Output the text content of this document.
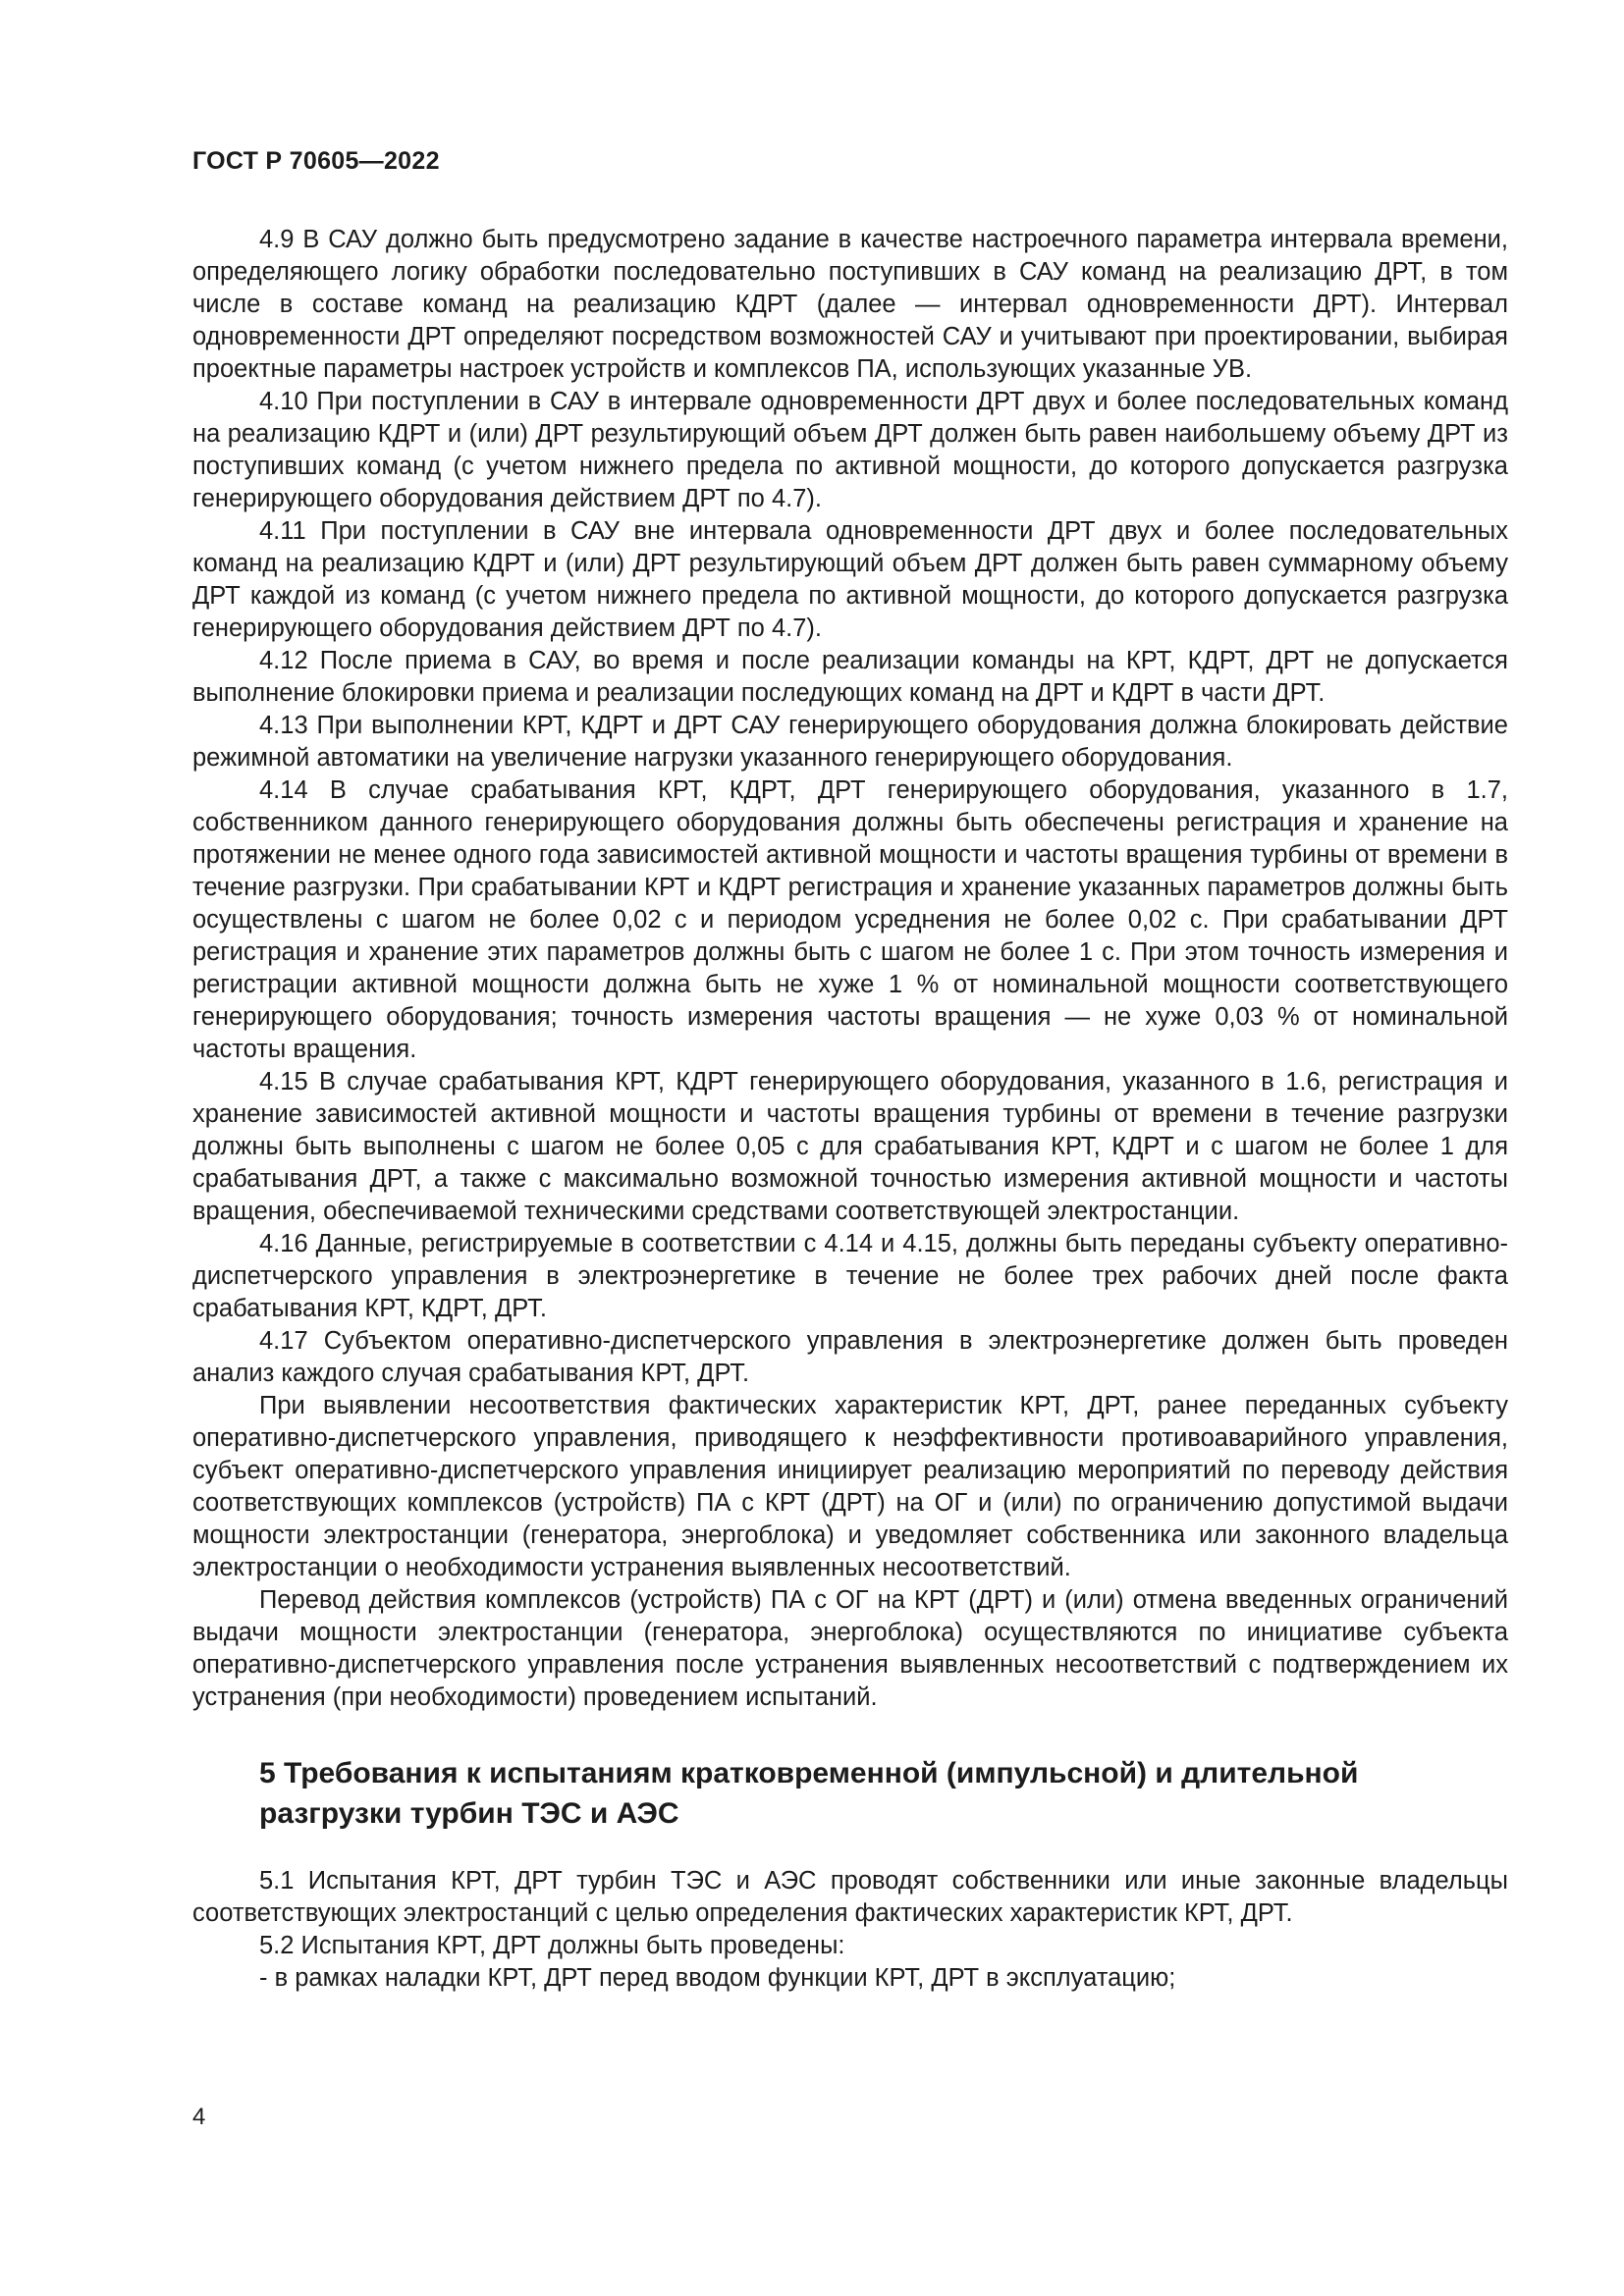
ГОСТ Р 70605—2022

4.9 В САУ должно быть предусмотрено задание в качестве настроечного параметра интервала времени, определяющего логику обработки последовательно поступивших в САУ команд на реализацию ДРТ, в том числе в составе команд на реализацию КДРТ (далее — интервал одновременности ДРТ). Интервал одновременности ДРТ определяют посредством возможностей САУ и учитывают при проектировании, выбирая проектные параметры настроек устройств и комплексов ПА, использующих указанные УВ.

4.10 При поступлении в САУ в интервале одновременности ДРТ двух и более последовательных команд на реализацию КДРТ и (или) ДРТ результирующий объем ДРТ должен быть равен наибольшему объему ДРТ из поступивших команд (с учетом нижнего предела по активной мощности, до которого допускается разгрузка генерирующего оборудования действием ДРТ по 4.7).

4.11 При поступлении в САУ вне интервала одновременности ДРТ двух и более последовательных команд на реализацию КДРТ и (или) ДРТ результирующий объем ДРТ должен быть равен суммарному объему ДРТ каждой из команд (с учетом нижнего предела по активной мощности, до которого допускается разгрузка генерирующего оборудования действием ДРТ по 4.7).

4.12 После приема в САУ, во время и после реализации команды на КРТ, КДРТ, ДРТ не допускается выполнение блокировки приема и реализации последующих команд на ДРТ и КДРТ в части ДРТ.

4.13 При выполнении КРТ, КДРТ и ДРТ САУ генерирующего оборудования должна блокировать действие режимной автоматики на увеличение нагрузки указанного генерирующего оборудования.

4.14 В случае срабатывания КРТ, КДРТ, ДРТ генерирующего оборудования, указанного в 1.7, собственником данного генерирующего оборудования должны быть обеспечены регистрация и хранение на протяжении не менее одного года зависимостей активной мощности и частоты вращения турбины от времени в течение разгрузки. При срабатывании КРТ и КДРТ регистрация и хранение указанных параметров должны быть осуществлены с шагом не более 0,02 с и периодом усреднения не более 0,02 с. При срабатывании ДРТ регистрация и хранение этих параметров должны быть с шагом не более 1 с. При этом точность измерения и регистрации активной мощности должна быть не хуже 1 % от номинальной мощности соответствующего генерирующего оборудования; точность измерения частоты вращения — не хуже 0,03 % от номинальной частоты вращения.

4.15 В случае срабатывания КРТ, КДРТ генерирующего оборудования, указанного в 1.6, регистрация и хранение зависимостей активной мощности и частоты вращения турбины от времени в течение разгрузки должны быть выполнены с шагом не более 0,05 с для срабатывания КРТ, КДРТ и с шагом не более 1 для срабатывания ДРТ, а также с максимально возможной точностью измерения активной мощности и частоты вращения, обеспечиваемой техническими средствами соответствующей электростанции.

4.16 Данные, регистрируемые в соответствии с 4.14 и 4.15, должны быть переданы субъекту оперативно-диспетчерского управления в электроэнергетике в течение не более трех рабочих дней после факта срабатывания КРТ, КДРТ, ДРТ.

4.17 Субъектом оперативно-диспетчерского управления в электроэнергетике должен быть проведен анализ каждого случая срабатывания КРТ, ДРТ.

При выявлении несоответствия фактических характеристик КРТ, ДРТ, ранее переданных субъекту оперативно-диспетчерского управления, приводящего к неэффективности противоаварийного управления, субъект оперативно-диспетчерского управления инициирует реализацию мероприятий по переводу действия соответствующих комплексов (устройств) ПА с КРТ (ДРТ) на ОГ и (или) по ограничению допустимой выдачи мощности электростанции (генератора, энергоблока) и уведомляет собственника или законного владельца электростанции о необходимости устранения выявленных несоответствий.

Перевод действия комплексов (устройств) ПА с ОГ на КРТ (ДРТ) и (или) отмена введенных ограничений выдачи мощности электростанции (генератора, энергоблока) осуществляются по инициативе субъекта оперативно-диспетчерского управления после устранения выявленных несоответствий с подтверждением их устранения (при необходимости) проведением испытаний.

5 Требования к испытаниям кратковременной (импульсной) и длительной разгрузки турбин ТЭС и АЭС

5.1 Испытания КРТ, ДРТ турбин ТЭС и АЭС проводят собственники или иные законные владельцы соответствующих электростанций с целью определения фактических характеристик КРТ, ДРТ.

5.2 Испытания КРТ, ДРТ должны быть проведены:

- в рамках наладки КРТ, ДРТ перед вводом функции КРТ, ДРТ в эксплуатацию;

4
